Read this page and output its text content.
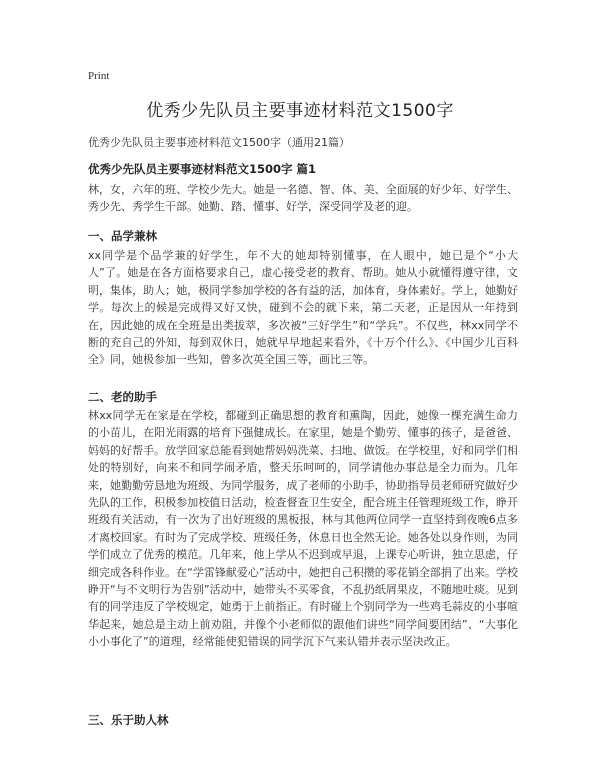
Print
优秀少先队员主要事迹材料范文1500字
优秀少先队员主要事迹材料范文1500字（通用21篇）
优秀少先队员主要事迹材料范文1500字 篇1
林，女，六年的班、学校少先大。她是一名德、智、体、美、全面展的好少年、好学生、秀少先、秀学生干部。她勤、踏、懂事、好学，深受同学及老的迎。
一、品学兼林
xx同学是个品学兼的好学生，年不大的她却特别懂事，在人眼中，她已是个“小大人”了。她是在各方面格要求自己，虚心接受老的教育、帮助。她从小就懂得遵守律，文明，集体，助人；她，极同学参加学校的各有益的活，加体育，身体素好。学上，她勤好学。每次上的候是完成得又好又快，碰到不会的就下来，第二天老，正是因从一年持到在，因此她的成在全班是出类拔萃，多次被“三好学生”和“学兵”。不仅些，林xx同学不断的充自己的外知，每到双休日，她就早早地起来看外，《十万个什么》、《中国少儿百科全》同，她极参加一些知，曾多次英全国三等，画比三等。
二、老的助手
林xx同学无在家是在学校，都碰到正确思想的教育和熏陶，因此，她像一棵充满生命力的小苗儿，在阳光雨露的培育下强健成长。在家里，她是个勤劳、懂事的孩子，是爸爸、妈妈的好帮手。放学回家总能看到她帮妈妈洗菜、扫地、做饭。在学校里，好和同学们相处的特别好，向来不和同学闹矛盾，整天乐呵呵的，同学请他办事总是全力而为。几年来，她勤勤劳恳地为班级、为同学服务，成了老师的小助手，协助指导员老师研究做好少先队的工作，积极参加校值日活动，检查督查卫生安全，配合班主任管理班级工作，睁开班级有关活动，有一次为了出好班级的黑板报，林与其他两位同学一直坚持到夜晚6点多才离校回家。有时为了完成学校、班级任务，休息日也全然无论。她各处以身作则，为同学们成立了优秀的模范。几年来，他上学从不迟到或早退，上课专心听讲，独立思虑，仔细完成各科作业。在“学雷锋献爱心”活动中，她把自己积攒的零花销全部捐了出来。学校睁开“与不文明行为告别”活动中，她带头不买零食，不乱扔纸屑果皮，不随地吐痰。见到有的同学违反了学校规定，她勇于上前指正。有时碰上个别同学为一些鸡毛蒜皮的小事喧华起来，她总是主动上前劝阻，并像个小老师似的跟他们讲些“同学间要团结”、“大事化小小事化了”的道理，经常能使犯错误的同学沉下气来认错并表示坚决改正。
三、乐于助人林
